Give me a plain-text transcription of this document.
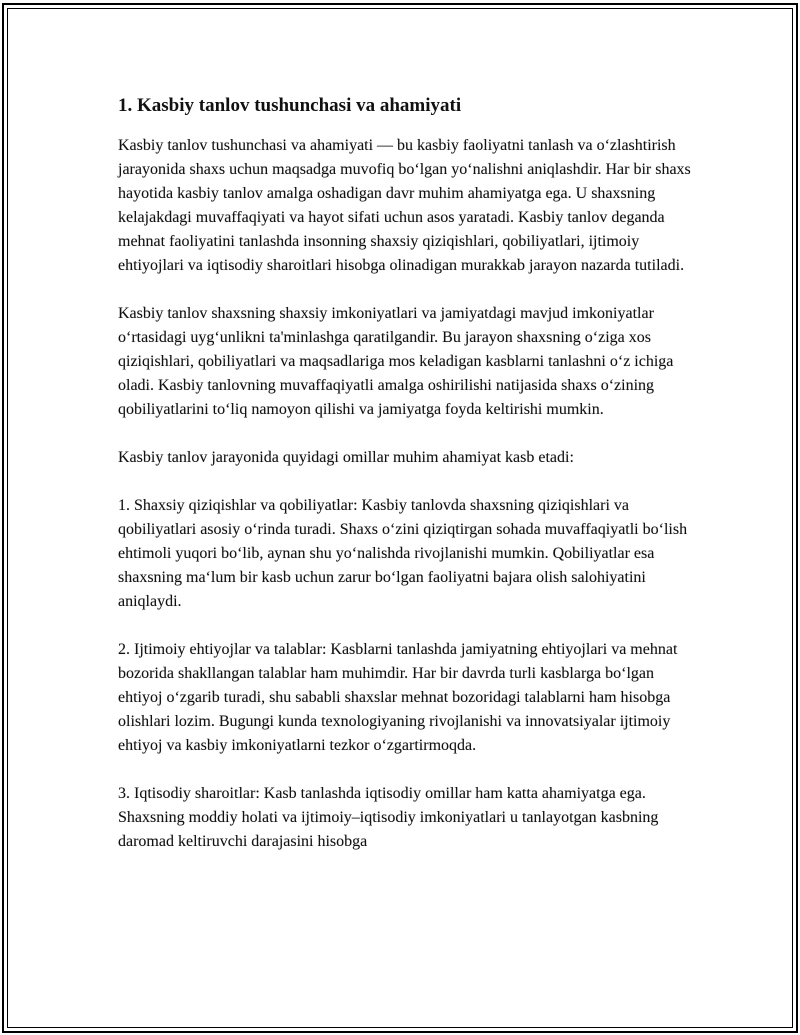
1. Kasbiy tanlov tushunchasi va ahamiyati

Kasbiy tanlov tushunchasi va ahamiyati — bu kasbiy faoliyatni tanlash va o‘zlashtirish jarayonida shaxs uchun maqsadga muvofiq bo‘lgan yo‘nalishni aniqlashdir. Har bir shaxs hayotida kasbiy tanlov amalga oshadigan davr muhim ahamiyatga ega. U shaxsning kelajakdagi muvaffaqiyati va hayot sifati uchun asos yaratadi. Kasbiy tanlov deganda mehnat faoliyatini tanlashda insonning shaxsiy qiziqishlari, qobiliyatlari, ijtimoiy ehtiyojlari va iqtisodiy sharoitlari hisobga olinadigan murakkab jarayon nazarda tutiladi.

Kasbiy tanlov shaxsning shaxsiy imkoniyatlari va jamiyatdagi mavjud imkoniyatlar o‘rtasidagi uyg‘unlikni ta'minlashga qaratilgandir. Bu jarayon shaxsning o‘ziga xos qiziqishlari, qobiliyatlari va maqsadlariga mos keladigan kasblarni tanlashni o‘z ichiga oladi. Kasbiy tanlovning muvaffaqiyatli amalga oshirilishi natijasida shaxs o‘zining qobiliyatlarini to‘liq namoyon qilishi va jamiyatga foyda keltirishi mumkin.

Kasbiy tanlov jarayonida quyidagi omillar muhim ahamiyat kasb etadi:

1. Shaxsiy qiziqishlar va qobiliyatlar: Kasbiy tanlovda shaxsning qiziqishlari va qobiliyatlari asosiy o‘rinda turadi. Shaxs o‘zini qiziqtirgan sohada muvaffaqiyatli bo‘lish ehtimoli yuqori bo‘lib, aynan shu yo‘nalishda rivojlanishi mumkin. Qobiliyatlar esa shaxsning ma‘lum bir kasb uchun zarur bo‘lgan faoliyatni bajara olish salohiyatini aniqlaydi.

2. Ijtimoiy ehtiyojlar va talablar: Kasblarni tanlashda jamiyatning ehtiyojlari va mehnat bozorida shakllangan talablar ham muhimdir. Har bir davrda turli kasblarga bo‘lgan ehtiyoj o‘zgarib turadi, shu sababli shaxslar mehnat bozoridagi talablarni ham hisobga olishlari lozim. Bugungi kunda texnologiyaning rivojlanishi va innovatsiyalar ijtimoiy ehtiyoj va kasbiy imkoniyatlarni tezkor o‘zgartirmoqda.

3. Iqtisodiy sharoitlar: Kasb tanlashda iqtisodiy omillar ham katta ahamiyatga ega. Shaxsning moddiy holati va ijtimoiy–iqtisodiy imkoniyatlari u tanlayotgan kasbning daromad keltiruvchi darajasini hisobga
